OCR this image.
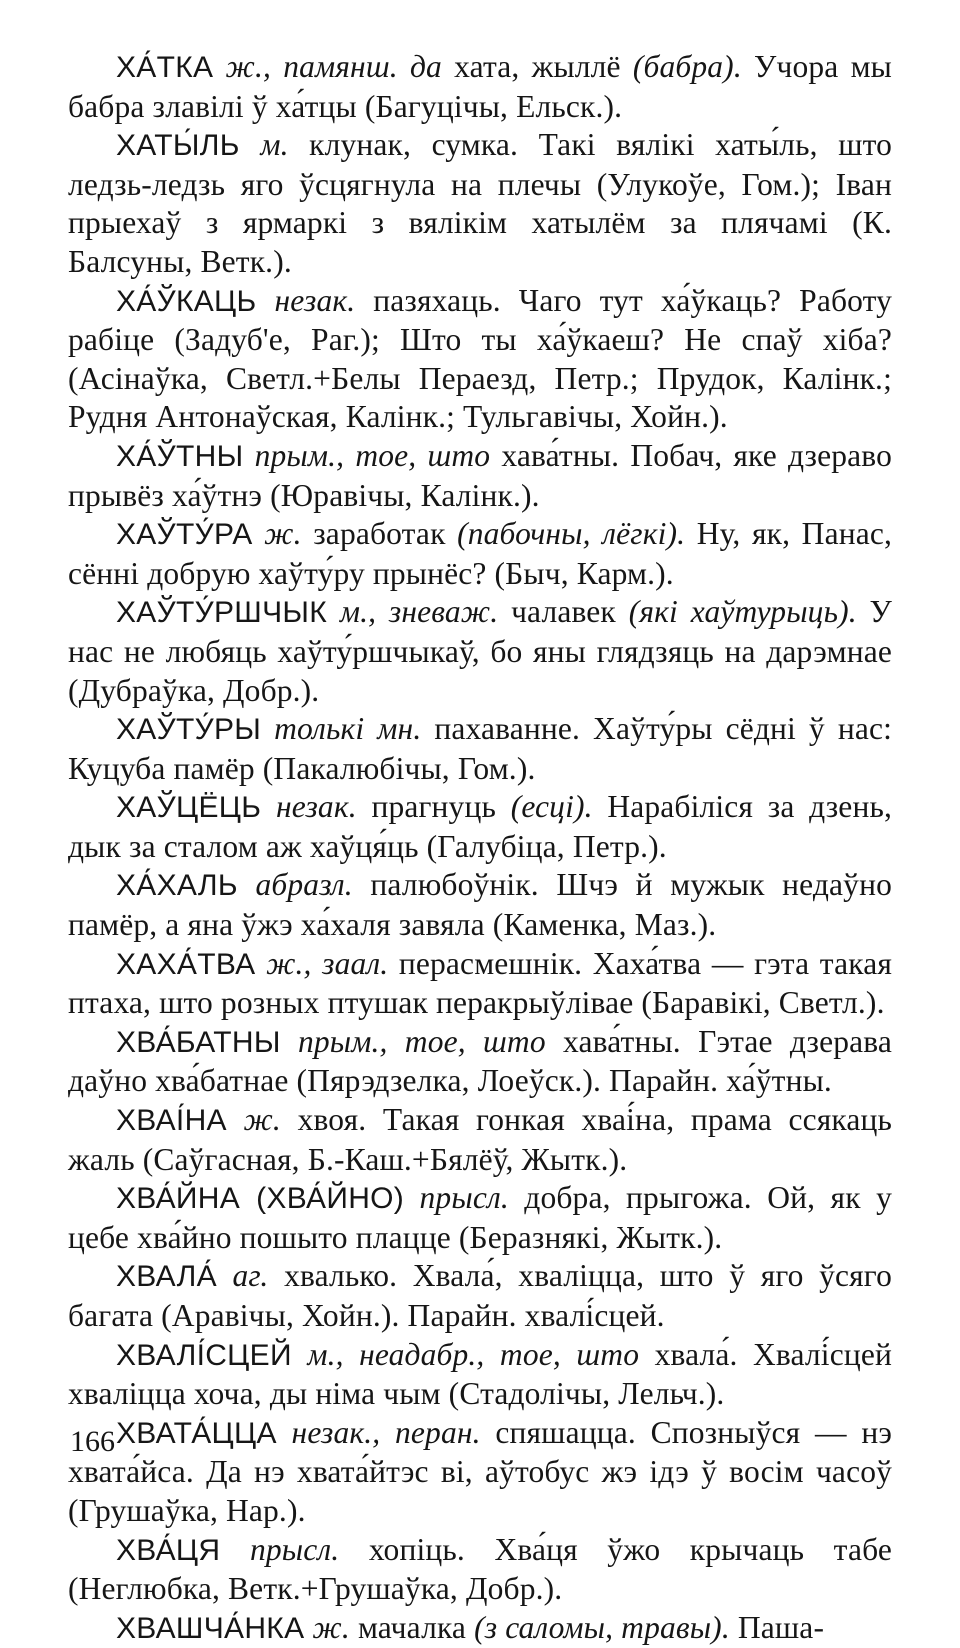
ХА́ТКА ж., памянш. да хата, жыллё (бабра). Учора мы бабра злавілі ў ха́тцы (Багуцічы, Ельск.).

ХАТЫ́ЛЬ м. клунак, сумка. Такі вялікі хаты́ль, што ледзь-ледзь яго ўсцягнула на плечы (Улукоўе, Гом.); Іван прыехаў з ярмаркі з вялікім хатылём за плячамі (К. Балсуны, Ветк.).

ХА́ЎКАЦЬ незак. пазяхаць. Чаго тут ха́ўкаць? Работу рабіце (Задуб'е, Раг.); Што ты ха́ўкаеш? Не спаў хіба? (Асінаўка, Светл.+Белы Пераезд, Петр.; Прудок, Калінк.; Рудня Антонаўская, Калінк.; Тульгавічы, Хойн.).

ХА́ЎТНЫ прым., тое, што хава́тны. Побач, яке дзераво прывёз ха́ўтнэ (Юравічы, Калінк.).

ХАЎТУ́РА ж. заработак (пабочны, лёгкі). Ну, як, Панас, сённі добрую хаўту́ру прынёс? (Быч, Карм.).

ХАЎТУ́РШЧЫК м., зневаж. чалавек (які хаўтурыць). У нас не любяць хаўту́ршчыкаў, бо яны глядзяць на дарэмнае (Дубраўка, Добр.).

ХАЎТУ́РЫ толькі мн. пахаванне. Хаўту́ры сёдні ў нас: Куцуба памёр (Пакалюбічы, Гом.).

ХАЎЦЁЦЬ незак. прагнуць (есці). Нарабіліся за дзень, дык за сталом аж хаўця́ць (Галубіца, Петр.).

ХА́ХАЛЬ абразл. палюбоўнік. Шчэ й мужык недаўно памёр, а яна ўжэ ха́халя завяла (Каменка, Маз.).

ХАХА́ТВА ж., заал. перасмешнік. Хаха́тва — гэта такая птаха, што розных птушак перакрыўлівае (Баравікі, Светл.).

ХВА́БАТНЫ прым., тое, што хава́тны. Гэтае дзерава даўно хва́батнае (Пярэдзелка, Лоеўск.). Парайн. ха́ўтны.

ХВАІ́НА ж. хвоя. Такая гонкая хваі́на, прама ссякаць жаль (Саўгасная, Б.-Каш.+Бялёў, Жытк.).

ХВА́ЙНА (ХВА́ЙНО) прысл. добра, прыгожа. Ой, як у цебе хва́йно пошыто плацце (Беразнякі, Жытк.).

ХВАЛА́ аг. хвалько. Хвала́, хваліцца, што ў яго ўсяго багата (Аравічы, Хойн.). Парайн. хвалі́сцей.

ХВАЛІ́СЦЕЙ м., неадабр., тое, што хвала́. Хвалі́сцей хваліцца хоча, ды німа чым (Стадолічы, Лельч.).

ХВАТА́ЦЦА незак., перан. спяшацца. Спозныўся — нэ хвата́йса. Да нэ хвата́йтэс ві, аўтобус жэ ідэ ў восім часоў (Грушаўка, Нар.).

ХВА́ЦЯ прысл. хопіць. Хва́ця ўжо крычаць табе (Неглюбка, Ветк.+Грушаўка, Добр.).

ХВАШЧА́НКА ж. мачалка (з саломы, травы). Паша-

166
